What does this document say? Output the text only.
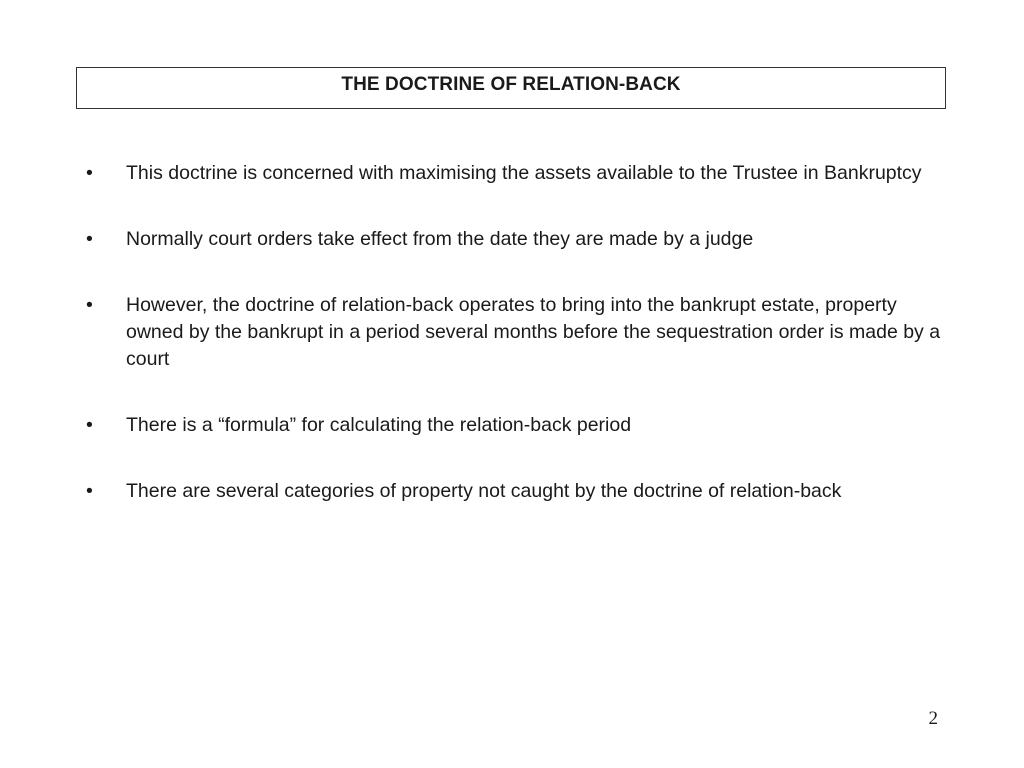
THE DOCTRINE OF RELATION-BACK
•	This doctrine is concerned with maximising the assets available to the Trustee in Bankruptcy
•	Normally court orders take effect from the date they are made by a judge
•	However, the doctrine of relation-back operates to bring into the bankrupt estate, property owned by the bankrupt in a period several months before the sequestration order is made by a court
•	There is a “formula” for calculating the relation-back period
•	There are several categories of property not caught by the doctrine of relation-back
2
